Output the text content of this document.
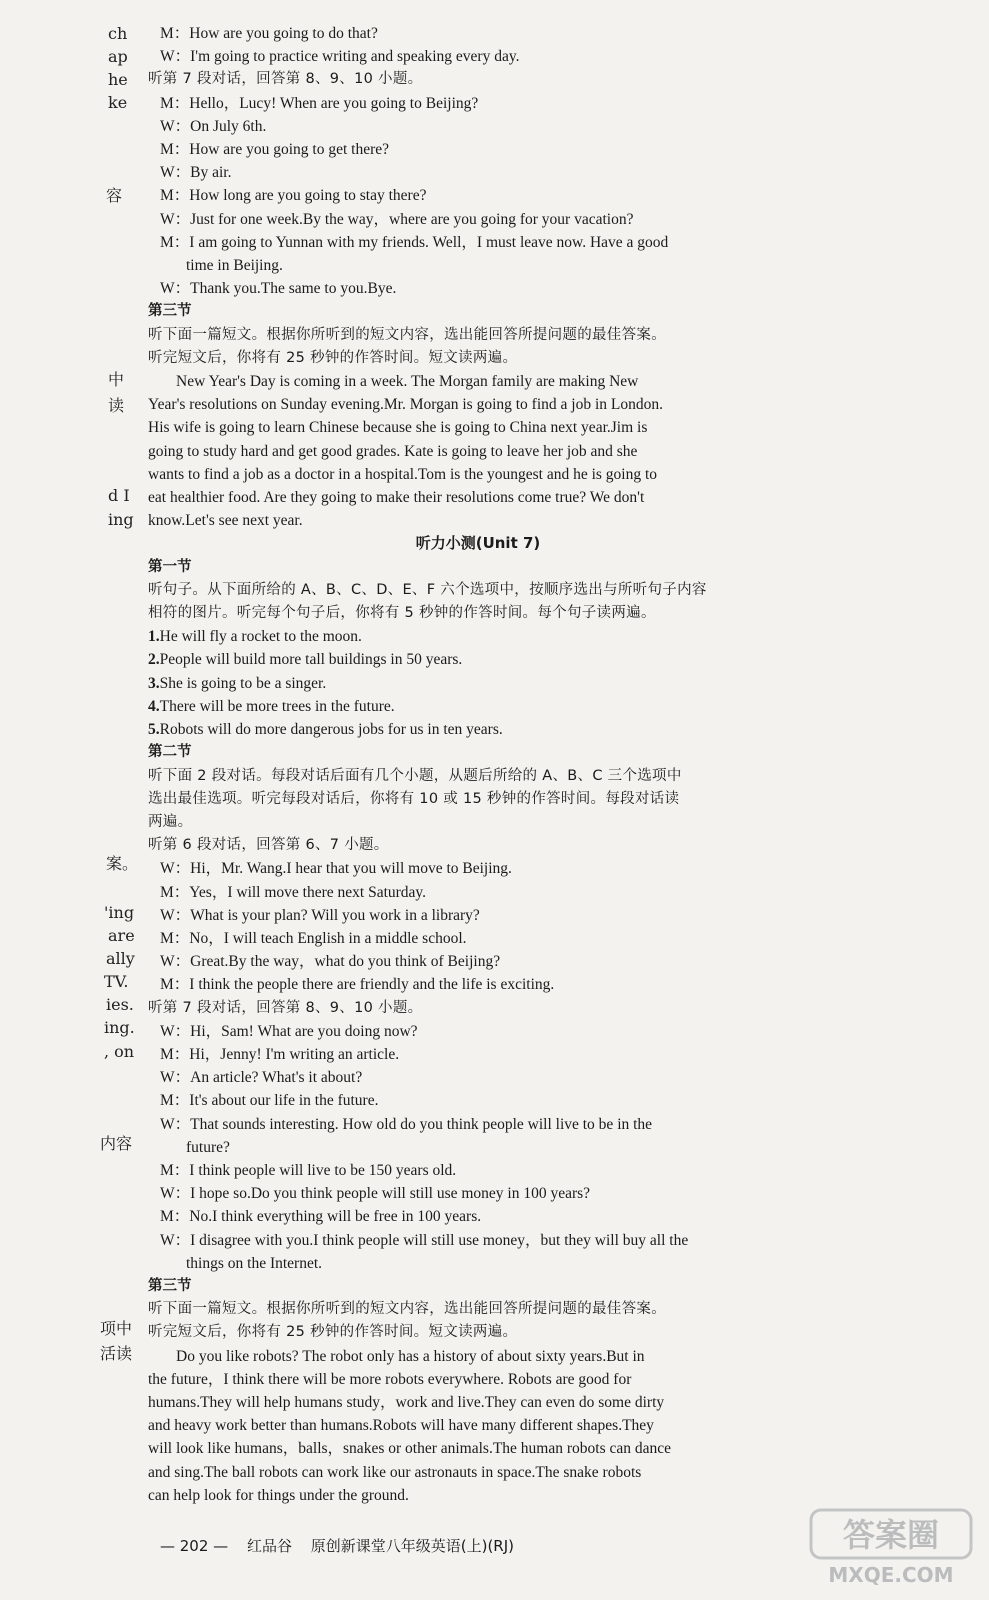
ch
ap
he
ke
容
中
读
d I
ing
案。
'ing
are
ally
TV.
ies.
ing.
, on
内容
项中
活读
M：How are you going to do that?
W：I'm going to practice writing and speaking every day.
听第 7 段对话，回答第 8、9、10 小题。
M：Hello，Lucy! When are you going to Beijing?
W：On July 6th.
M：How are you going to get there?
W：By air.
M：How long are you going to stay there?
W：Just for one week.By the way，where are you going for your vacation?
M：I am going to Yunnan with my friends. Well，I must leave now. Have a good
time in Beijing.
W：Thank you.The same to you.Bye.
第三节
听下面一篇短文。根据你所听到的短文内容，选出能回答所提问题的最佳答案。
听完短文后，你将有 25 秒钟的作答时间。短文读两遍。
New Year's Day is coming in a week. The Morgan family are making New
Year's resolutions on Sunday evening.Mr. Morgan is going to find a job in London.
His wife is going to learn Chinese because she is going to China next year.Jim is
going to study hard and get good grades. Kate is going to leave her job and she
wants to find a job as a doctor in a hospital.Tom is the youngest and he is going to
eat healthier food. Are they going to make their resolutions come true? We don't
know.Let's see next year.
听力小测(Unit 7)
第一节
听句子。从下面所给的 A、B、C、D、E、F 六个选项中，按顺序选出与所听句子内容
相符的图片。听完每个句子后，你将有 5 秒钟的作答时间。每个句子读两遍。
1.He will fly a rocket to the moon.
2.People will build more tall buildings in 50 years.
3.She is going to be a singer.
4.There will be more trees in the future.
5.Robots will do more dangerous jobs for us in ten years.
第二节
听下面 2 段对话。每段对话后面有几个小题，从题后所给的 A、B、C 三个选项中
选出最佳选项。听完每段对话后，你将有 10 或 15 秒钟的作答时间。每段对话读
两遍。
听第 6 段对话，回答第 6、7 小题。
W：Hi，Mr. Wang.I hear that you will move to Beijing.
M：Yes，I will move there next Saturday.
W：What is your plan? Will you work in a library?
M：No，I will teach English in a middle school.
W：Great.By the way，what do you think of Beijing?
M：I think the people there are friendly and the life is exciting.
听第 7 段对话，回答第 8、9、10 小题。
W：Hi，Sam! What are you doing now?
M：Hi，Jenny! I'm writing an article.
W：An article? What's it about?
M：It's about our life in the future.
W：That sounds interesting. How old do you think people will live to be in the
future?
M：I think people will live to be 150 years old.
W：I hope so.Do you think people will still use money in 100 years?
M：No.I think everything will be free in 100 years.
W：I disagree with you.I think people will still use money，but they will buy all the
things on the Internet.
第三节
听下面一篇短文。根据你所听到的短文内容，选出能回答所提问题的最佳答案。
听完短文后，你将有 25 秒钟的作答时间。短文读两遍。
Do you like robots? The robot only has a history of about sixty years.But in
the future，I think there will be more robots everywhere. Robots are good for
humans.They will help humans study，work and live.They can even do some dirty
and heavy work better than humans.Robots will have many different shapes.They
will look like humans，balls，snakes or other animals.The human robots can dance
and sing.The ball robots can work like our astronauts in space.The snake robots
can help look for things under the ground.
— 202 — 红品谷 原创新课堂八年级英语(上)(RJ)	答案圈
MXQE.COM
